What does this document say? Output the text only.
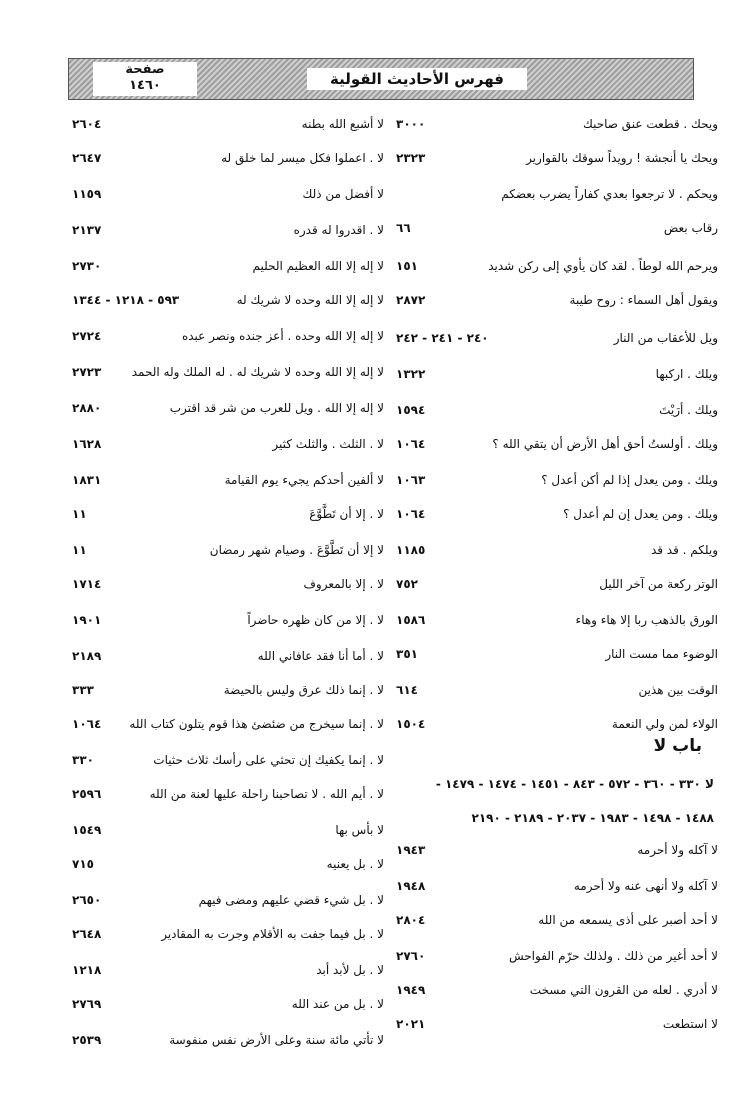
صفحة
١٤٦٠	فهرس الأحاديث القولية
ويحك . قطعت عنق صاحبك
٣٠٠٠
ويحك يا أنجشة ! رويداً سوقك بالقوارير
٢٣٢٣
ويحكم . لا ترجعوا بعدي كفاراً يضرب بعضكم
رقاب بعض
٦٦
ويرحم الله لوطاً . لقد كان يأوي إلى ركن شديد
١٥١
ويقول أهل السماء : روح طيبة
٢٨٧٢
ويل للأعقاب من النار
٢٤٠ - ٢٤١ - ٢٤٢
ويلك . اركبها
١٣٢٢
ويلك . أرَيْتَ
١٥٩٤
ويلك . أولستُ أحق أهل الأرض أن يتقي الله ؟
١٠٦٤
ويلك . ومن يعدل إذا لم أكن أعدل ؟
١٠٦٣
ويلك . ومن يعدل إن لم أعدل ؟
١٠٦٤
ويلكم . قد قد
١١٨٥
الوتر ركعة من آخر الليل
٧٥٢
الورق بالذهب ربا إلا هاء وهاء
١٥٨٦
الوضوء مما مست النار
٣٥١
الوقت بين هذين
٦١٤
الولاء لمن ولي النعمة
١٥٠٤
باب لا
لا ٣٣٠ - ٣٦٠ - ٥٧٢ - ٨٤٣ - ١٤٥١ - ١٤٧٤ - ١٤٧٩ -
١٤٨٨ - ١٤٩٨ - ١٩٨٣ - ٢٠٣٧ - ٢١٨٩ - ٢١٩٠
لا آكله ولا أحرمه
١٩٤٣
لا آكله ولا أنهى عنه ولا أحرمه
١٩٤٨
لا أحد أصبر على أذى يسمعه من الله
٢٨٠٤
لا أحد أغير من ذلك . ولذلك حرّم الفواحش
٢٧٦٠
لا أدري . لعله من القرون التي مسخت
١٩٤٩
لا استطعت
٢٠٢١
لا أشبع الله بطنه
٢٦٠٤
لا . اعملوا فكل ميسر لما خلق له
٢٦٤٧
لا أفضل من ذلك
١١٥٩
لا . اقدروا له قدره
٢١٣٧
لا إله إلا الله العظيم الحليم
٢٧٣٠
لا إله إلا الله وحده لا شريك له
٥٩٣ - ١٢١٨ - ١٣٤٤
لا إله إلا الله وحده . أعز جنده ونصر عبده
٢٧٢٤
لا إله إلا الله وحده لا شريك له . له الملك وله الحمد
٢٧٢٣
لا إله إلا الله . ويل للعرب من شر قد اقترب
٢٨٨٠
لا . الثلث . والثلث كثير
١٦٢٨
لا ألفين أحدكم يجيء يوم القيامة
١٨٣١
لا . إلا أن تَطَّوَّعَ
١١
لا إلا أن تَطَّوَّعَ . وصيام شهر رمضان
١١
لا . إلا بالمعروف
١٧١٤
لا . إلا من كان ظهره حاضراً
١٩٠١
لا . أما أنا فقد عافاني الله
٢١٨٩
لا . إنما ذلك عرق وليس بالحيضة
٣٣٣
لا . إنما سيخرج من ضئضئ هذا قوم يتلون كتاب الله
١٠٦٤
لا . إنما يكفيك إن تحثي على رأسك ثلاث حثيات
٣٣٠
لا . أيم الله . لا تصاحبنا راحلة عليها لعنة من الله
٢٥٩٦
لا بأس بها
١٥٤٩
لا . بل يعنيه
٧١٥
لا . بل شيء قضي عليهم ومضى فيهم
٢٦٥٠
لا . بل فيما جفت به الأقلام وجرت به المقادير
٢٦٤٨
لا . بل لأبد أبد
١٢١٨
لا . بل من عند الله
٢٧٦٩
لا تأتي مائة سنة وعلى الأرض نفس منفوسة
٢٥٣٩
